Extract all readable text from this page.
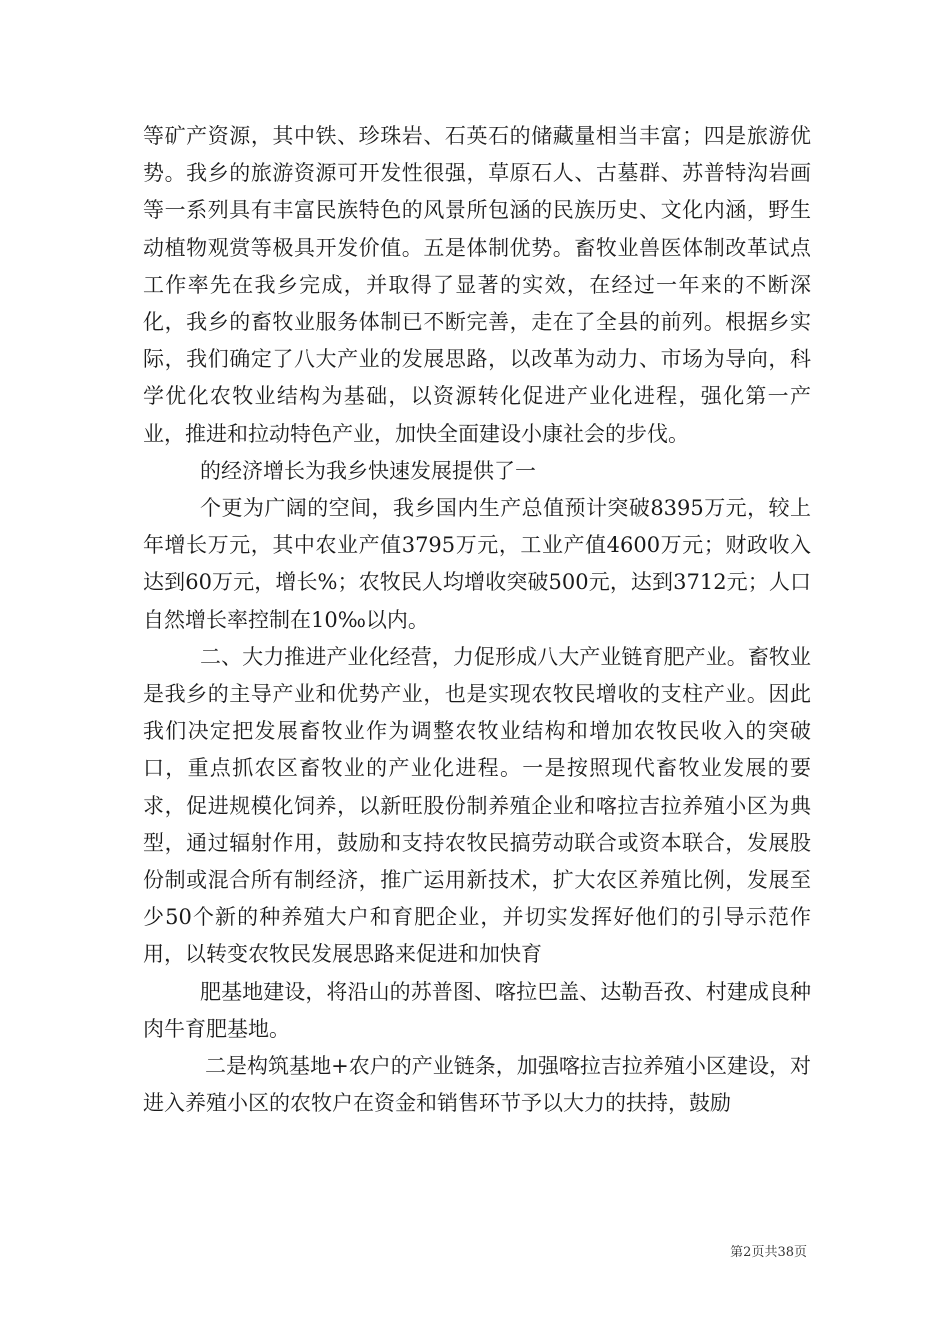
等矿产资源，其中铁、珍珠岩、石英石的储藏量相当丰富；四是旅游优势。我乡的旅游资源可开发性很强，草原石人、古墓群、苏普特沟岩画等一系列具有丰富民族特色的风景所包涵的民族历史、文化内涵，野生动植物观赏等极具开发价值。五是体制优势。畜牧业兽医体制改革试点工作率先在我乡完成，并取得了显著的实效，在经过一年来的不断深化，我乡的畜牧业服务体制已不断完善，走在了全县的前列。根据乡实际，我们确定了八大产业的发展思路，以改革为动力、市场为导向，科学优化农牧业结构为基础，以资源转化促进产业化进程，强化第一产业，推进和拉动特色产业，加快全面建设小康社会的步伐。

的经济增长为我乡快速发展提供了一

个更为广阔的空间，我乡国内生产总值预计突破8395万元，较上年增长万元，其中农业产值3795万元，工业产值4600万元；财政收入达到60万元，增长%；农牧民人均增收突破500元，达到3712元；人口自然增长率控制在10‰以内。

二、大力推进产业化经营，力促形成八大产业链育肥产业。畜牧业是我乡的主导产业和优势产业，也是实现农牧民增收的支柱产业。因此我们决定把发展畜牧业作为调整农牧业结构和增加农牧民收入的突破口，重点抓农区畜牧业的产业化进程。一是按照现代畜牧业发展的要求，促进规模化饲养，以新旺股份制养殖企业和喀拉吉拉养殖小区为典型，通过辐射作用，鼓励和支持农牧民搞劳动联合或资本联合，发展股份制或混合所有制经济，推广运用新技术，扩大农区养殖比例，发展至少50个新的种养殖大户和育肥企业，并切实发挥好他们的引导示范作用，以转变农牧民发展思路来促进和加快育

肥基地建设，将沿山的苏普图、喀拉巴盖、达勒吾孜、村建成良种肉牛育肥基地。

二是构筑基地+农户的产业链条，加强喀拉吉拉养殖小区建设，对进入养殖小区的农牧户在资金和销售环节予以大力的扶持，鼓励

第2页共38页
